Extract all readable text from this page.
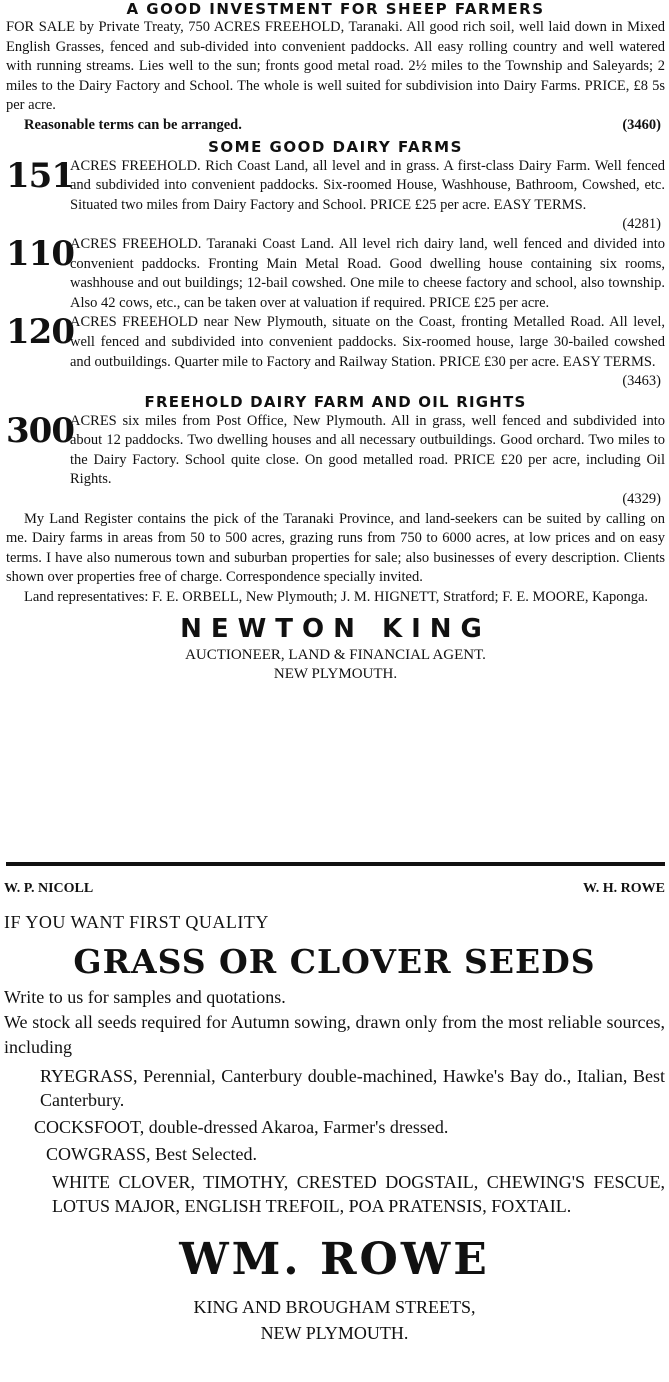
A GOOD INVESTMENT FOR SHEEP FARMERS

FOR SALE by Private Treaty, 750 ACRES FREEHOLD, Taranaki. All good rich soil, well laid down in Mixed English Grasses, fenced and sub-divided into convenient paddocks. All easy rolling country and well watered with running streams. Lies well to the sun; fronts good metal road. 2½ miles to the Township and Saleyards; 2 miles to the Dairy Factory and School. The whole is well suited for subdivision into Dairy Farms. PRICE, £8 5s per acre.

Reasonable terms can be arranged.	(3460)
SOME GOOD DAIRY FARMS
151
ACRES FREEHOLD. Rich Coast Land, all level and in grass. A first-class Dairy Farm. Well fenced and subdivided into convenient paddocks. Six-roomed House, Washhouse, Bathroom, Cowshed, etc. Situated two miles from Dairy Factory and School. PRICE £25 per acre. EASY TERMS.
(4281)
110
ACRES FREEHOLD. Taranaki Coast Land. All level rich dairy land, well fenced and divided into convenient paddocks. Fronting Main Metal Road. Good dwelling house containing six rooms, washhouse and out buildings; 12-bail cowshed. One mile to cheese factory and school, also township. Also 42 cows, etc., can be taken over at valuation if required. PRICE £25 per acre.
120
ACRES FREEHOLD near New Plymouth, situate on the Coast, fronting Metalled Road. All level, well fenced and subdivided into convenient paddocks. Six-roomed house, large 30-bailed cowshed and outbuildings. Quarter mile to Factory and Railway Station. PRICE £30 per acre. EASY TERMS.
(3463)
FREEHOLD DAIRY FARM AND OIL RIGHTS
300
ACRES six miles from Post Office, New Plymouth. All in grass, well fenced and subdivided into about 12 paddocks. Two dwelling houses and all necessary outbuildings. Good orchard. Two miles to the Dairy Factory. School quite close. On good metalled road. PRICE £20 per acre, including Oil Rights.
(4329)

My Land Register contains the pick of the Taranaki Province, and land-seekers can be suited by calling on me. Dairy farms in areas from 50 to 500 acres, grazing runs from 750 to 6000 acres, at low prices and on easy terms. I have also numerous town and suburban properties for sale; also businesses of every description. Clients shown over properties free of charge. Correspondence specially invited.

Land representatives: F. E. ORBELL, New Plymouth; J. M. HIGNETT, Stratford; F. E. MOORE, Kaponga.

NEWTON KING
AUCTIONEER, LAND & FINANCIAL AGENT.
NEW PLYMOUTH.
W. P. NICOLL	W. H. ROWE
IF YOU WANT FIRST QUALITY
GRASS OR CLOVER SEEDS
Write to us for samples and quotations.
We stock all seeds required for Autumn sowing, drawn only from the most reliable sources, including
RYEGRASS, Perennial, Canterbury double-machined, Hawke's Bay do., Italian, Best Canterbury.
COCKSFOOT, double-dressed Akaroa, Farmer's dressed.
COWGRASS, Best Selected.
WHITE CLOVER, TIMOTHY, CRESTED DOGSTAIL, CHEWING'S FESCUE, LOTUS MAJOR, ENGLISH TREFOIL, POA PRATENSIS, FOXTAIL.
WM. ROWE
KING AND BROUGHAM STREETS,
NEW PLYMOUTH.
